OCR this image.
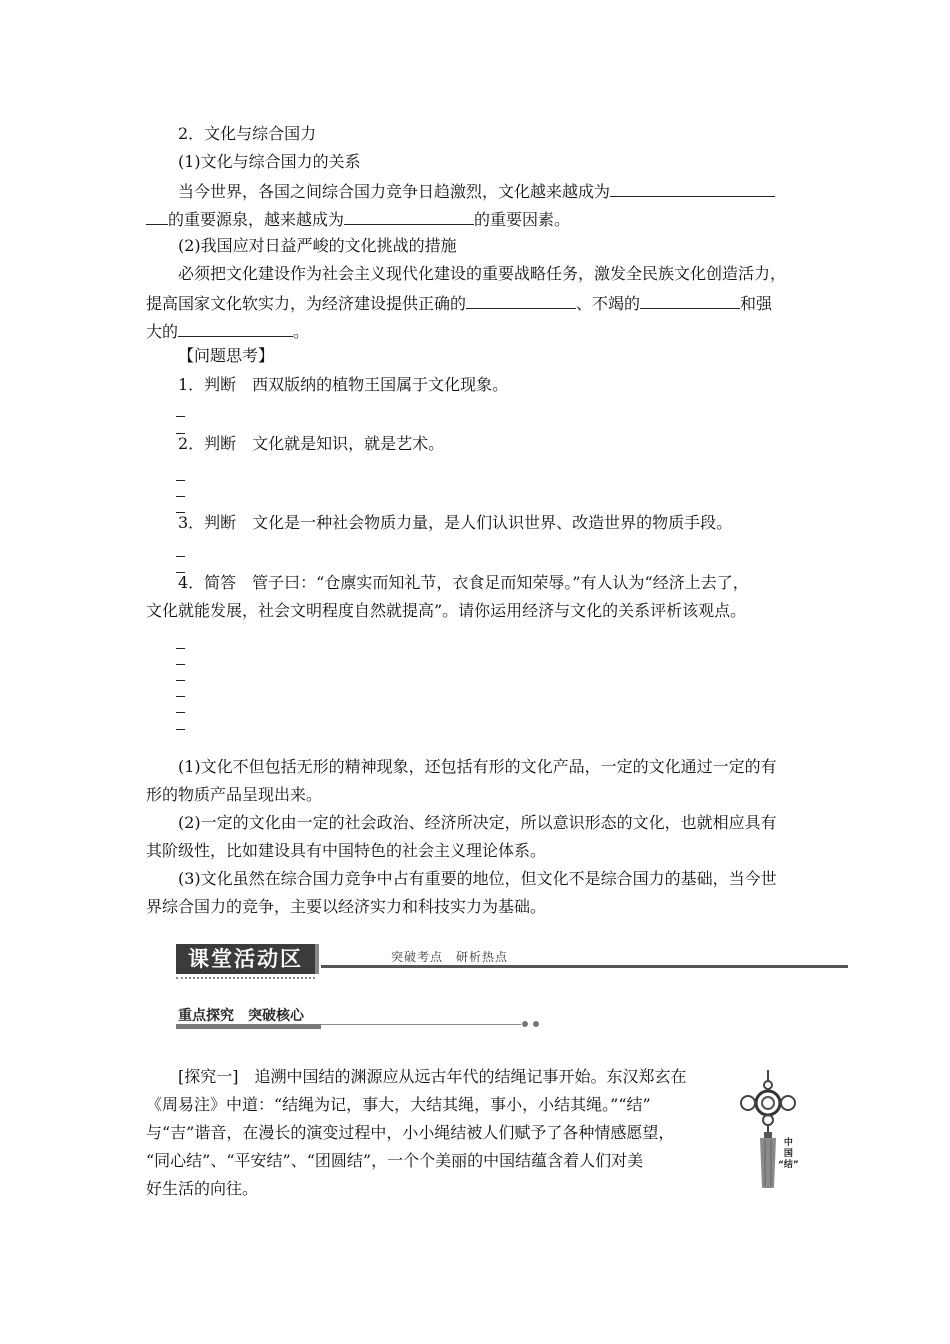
2．文化与综合国力
(1)文化与综合国力的关系
当今世界，各国之间综合国力竞争日趋激烈，文化越来越成为
的重要源泉，越来越成为	的重要因素。
(2)我国应对日益严峻的文化挑战的措施
必须把文化建设作为社会主义现代化建设的重要战略任务，激发全民族文化创造活力，
提高国家文化软实力，为经济建设提供正确的	、不竭的	和强
大的	。
【问题思考】
1．判断　西双版纳的植物王国属于文化现象。
2．判断　文化就是知识，就是艺术。
3．判断　文化是一种社会物质力量，是人们认识世界、改造世界的物质手段。
4．简答　管子曰：“仓廪实而知礼节，衣食足而知荣辱。”有人认为“经济上去了，
文化就能发展，社会文明程度自然就提高”。请你运用经济与文化的关系评析该观点。
(1)文化不但包括无形的精神现象，还包括有形的文化产品，一定的文化通过一定的有
形的物质产品呈现出来。
(2)一定的文化由一定的社会政治、经济所决定，所以意识形态的文化，也就相应具有
其阶级性，比如建设具有中国特色的社会主义理论体系。
(3)文化虽然在综合国力竞争中占有重要的地位，但文化不是综合国力的基础，当今世
界综合国力的竞争，主要以经济实力和科技实力为基础。
课堂活动区	突破考点　研析热点
重点探究　突破核心
[探究一]　追溯中国结的渊源应从远古年代的结绳记事开始。东汉郑玄在
《周易注》中道：“结绳为记，事大，大结其绳，事小，小结其绳。”“结”
与“吉”谐音，在漫长的演变过程中，小小绳结被人们赋予了各种情感愿望，
“同心结”、“平安结”、“团圆结”，一个个美丽的中国结蕴含着人们对美
好生活的向往。
中
国
“结”
